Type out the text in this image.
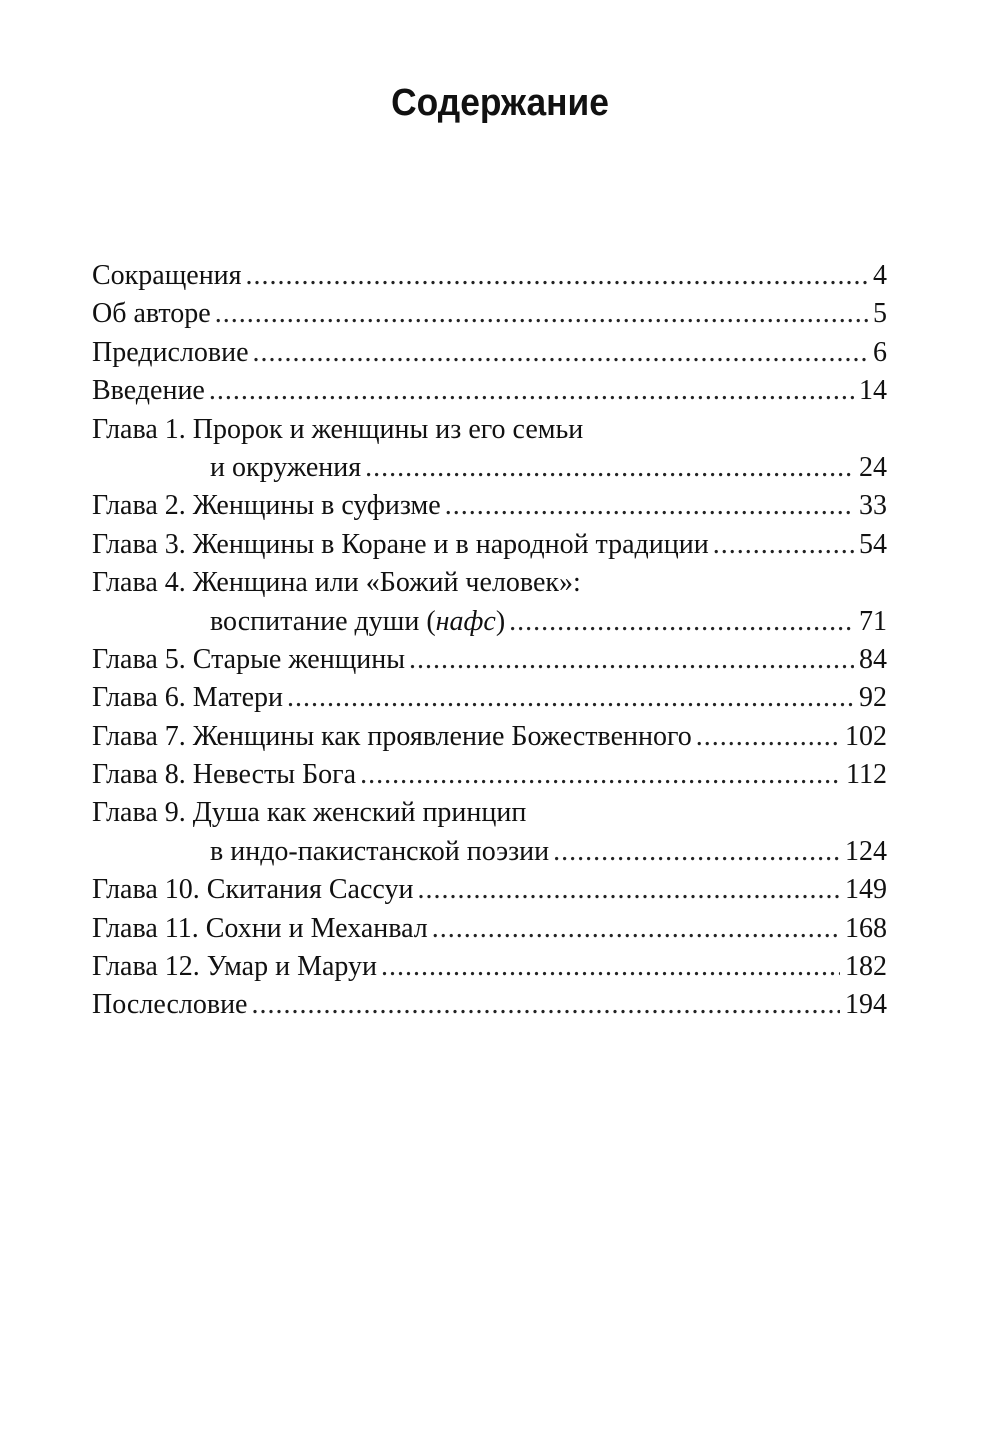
Содержание
Сокращения .....	4
Об авторе .....	5
Предисловие .....	6
Введение .....	14
Глава 1. Пророк и женщины из его семьи
и окружения .....	24
Глава 2. Женщины в суфизме .....	33
Глава 3. Женщины в Коране и в народной традиции .....	54
Глава 4. Женщина или «Божий человек»:
воспитание души (нафс) .....	71
Глава 5. Старые женщины .....	84
Глава 6. Матери .....	92
Глава 7. Женщины как проявление Божественного .....	102
Глава 8. Невесты Бога .....	112
Глава 9. Душа как женский принцип
в индо-пакистанской поэзии .....	124
Глава 10. Скитания Сассуи .....	149
Глава 11. Сохни и Механвал .....	168
Глава 12. Умар и Маруи .....	182
Послесловие .....	194
